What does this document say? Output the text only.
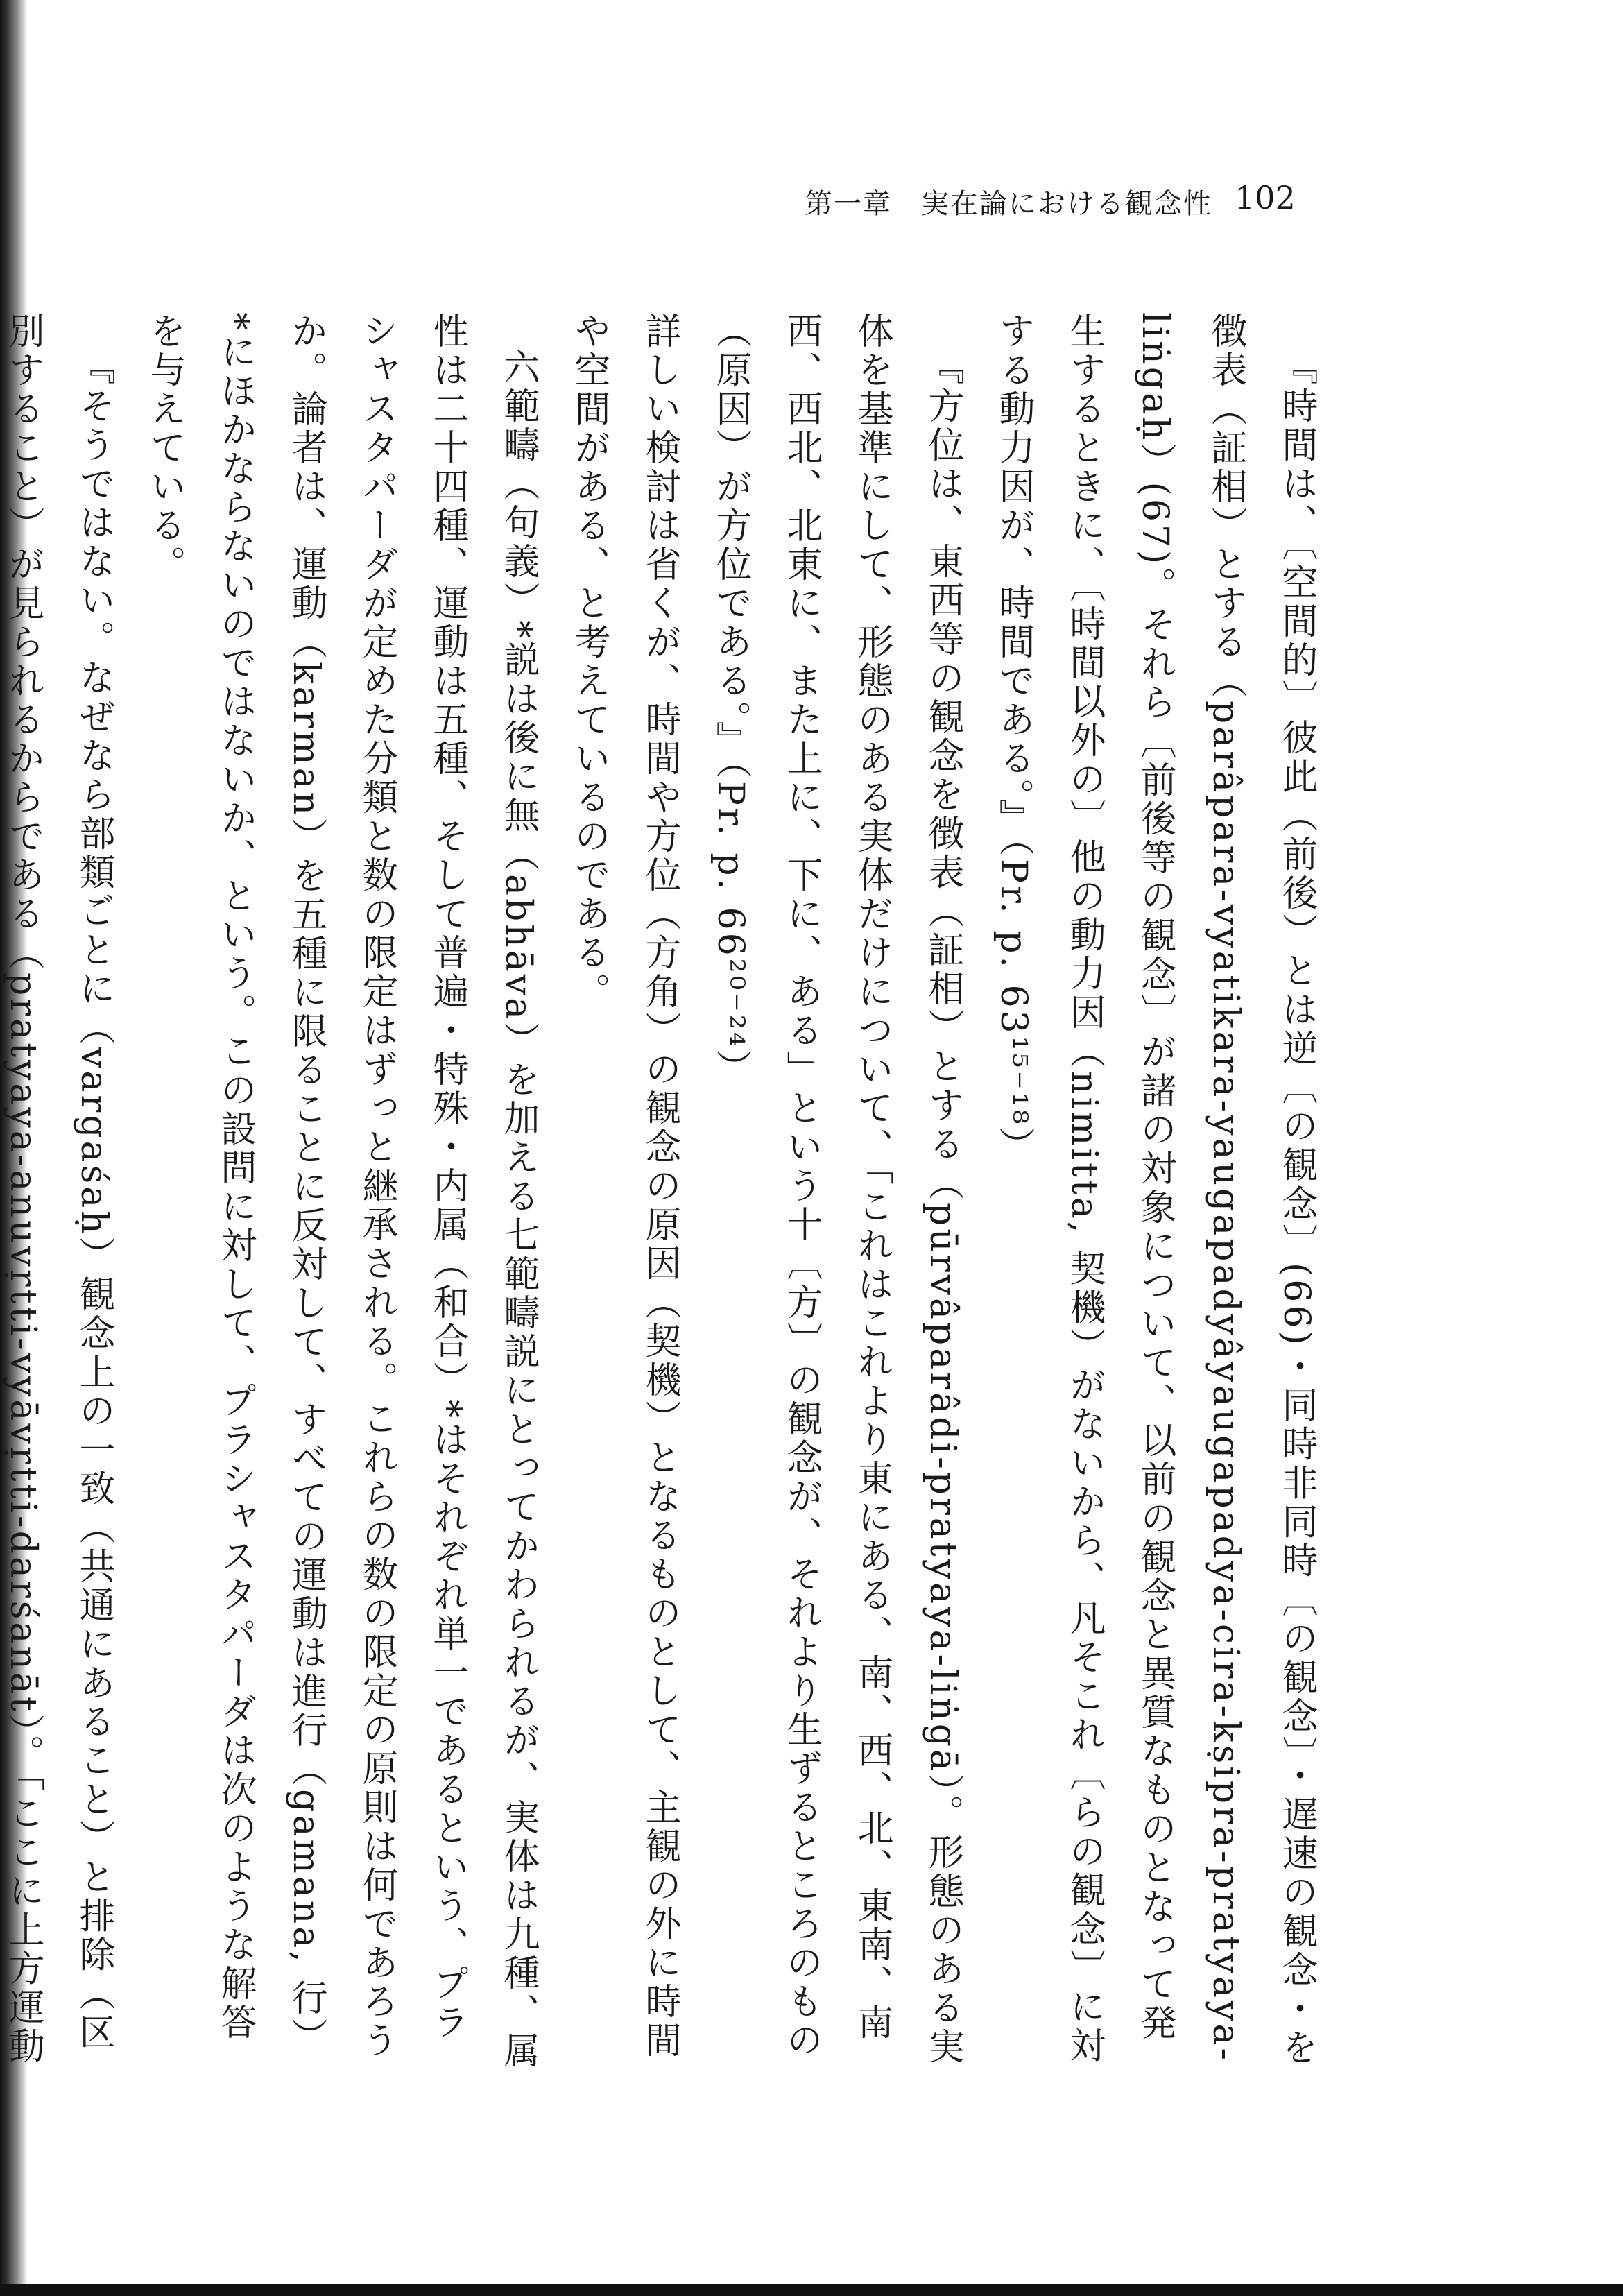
第一章　実在論における観念性 102

『時間は、〔空間的〕彼此（前後）とは逆〔の観念〕(66)・同時非同時〔の観念〕・遅速の観念・を徴表（証相）とする（parâpara-vyatikara-yaugapadyâyaugapadya-cira-kṣipra-pratyaya-liṅgaḥ）(67)。それら〔前後等の観念〕が諸の対象について、以前の観念と異質なものとなって発生するときに、〔時間以外の〕他の動力因（nimitta, 契機）がないから、凡そこれ〔らの観念〕に対する動力因が、時間である。』（Pr. p. 63¹⁵⁻¹⁸）

『方位は、東西等の観念を徴表（証相）とする（pūrvâparâdi-pratyaya-liṅgā）。形態のある実体を基準にして、形態のある実体だけについて、「これはこれより東にある、南、西、北、東南、南西、西北、北東に、また上に、下に、ある」という十〔方〕の観念が、それより生ずるところのもの（原因）が方位である。』（Pr. p. 66²⁰⁻²⁴）

詳しい検討は省くが、時間や方位（方角）の観念の原因（契機）となるものとして、主観の外に時間や空間がある、と考えているのである。

六範疇（句義）*説は後に無（abhāva）を加える七範疇説にとってかわられるが、実体は九種、属性は二十四種、運動は五種、そして普遍・特殊・内属（和合）*はそれぞれ単一であるという、プラシャスタパーダが定めた分類と数の限定はずっと継承される。これらの数の限定の原則は何であろうか。論者は、運動（karman）を五種に限ることに反対して、すべての運動は進行（gamana, 行）*にほかならないのではないか、という。この設問に対して、プラシャスタパーダは次のような解答を与えている。

『そうではない。なぜなら部類ごとに（vargaśaḥ）観念上の一致（共通にあること）と排除（区別すること）が見られるからである（pratyaya-anuvṛtti-vyāvṛtti-darśanāt）。「ここに上方運動
